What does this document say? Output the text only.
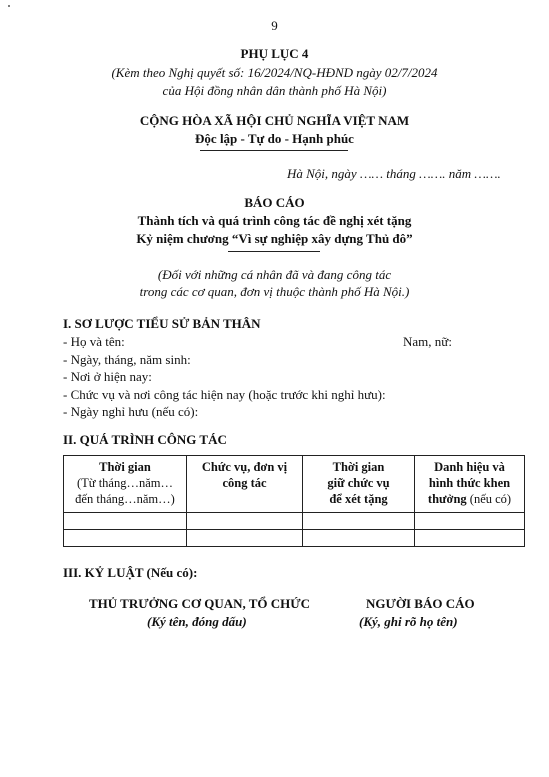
9
PHỤ LỤC 4
(Kèm theo Nghị quyết số: 16/2024/NQ-HĐND ngày 02/7/2024
của Hội đồng nhân dân thành phố Hà Nội)
CỘNG HÒA XÃ HỘI CHỦ NGHĨA VIỆT NAM
Độc lập - Tự do - Hạnh phúc
Hà Nội, ngày …… tháng ……. năm …….
BÁO CÁO
Thành tích và quá trình công tác đề nghị xét tặng
Kỷ niệm chương “Vì sự nghiệp xây dựng Thủ đô”
(Đối với những cá nhân đã và đang công tác
trong các cơ quan, đơn vị thuộc thành phố Hà Nội.)
I. SƠ LƯỢC TIỂU SỬ BẢN THÂN
- Họ và tên:	Nam, nữ:
- Ngày, tháng, năm sinh:
- Nơi ở hiện nay:
- Chức vụ và nơi công tác hiện nay (hoặc trước khi nghỉ hưu):
- Ngày nghỉ hưu (nếu có):
II. QUÁ TRÌNH CÔNG TÁC
Thời gian
(Từ tháng…năm…
đến tháng…năm…)	Chức vụ, đơn vị
công tác	Thời gian
giữ chức vụ
để xét tặng	Danh hiệu và
hình thức khen
thưởng (nếu có)

III. KỶ LUẬT (Nếu có):
THỦ TRƯỞNG CƠ QUAN, TỔ CHỨC
(Ký tên, đóng dấu)
NGƯỜI BÁO CÁO
(Ký, ghi rõ họ tên)
